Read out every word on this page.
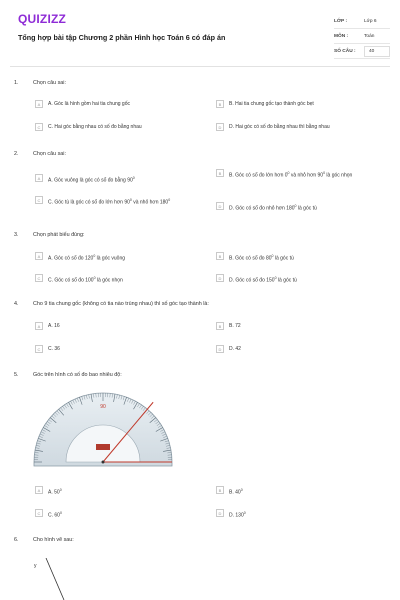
QUIZIZZ
Tổng hợp bài tập Chương 2 phần Hình học Toán 6 có đáp án
LỚP :	Lớp 6
MÔN :	Toán
SỐ CÂU :	40
1.	Chọn câu sai:
A	A. Góc là hình gồm hai tia chung gốc	B	B. Hai tia chung gốc tạo thành góc bẹt
C	C. Hai góc bằng nhau có số đo bằng nhau	D	D. Hai góc có số đo bằng nhau thì bằng nhau
2.	Chọn câu sai:
A	A. Góc vuông là góc có số đo bằng $90^0$
B	B. Góc có số đo lớn hơn $0^0$ và nhỏ hơn $90^0$ là góc nhọn
C	C. Góc tù là góc có số đo lớn hơn $90^0$ và nhỏ hơn $180^0$
D	D. Góc có số đo nhỏ hơn $180^0$ là góc tù
3.	Chọn phát biểu đúng:
A	A. Góc có số đo $120^0$ là góc vuông	B	B. Góc có số đo $80^0$ là góc tù
C	C. Góc có số đo $100^0$ là góc nhọn	D	D. Góc có số đo $150^0$ là góc tù
4.	Cho 9 tia chung gốc (không có tia nào trùng nhau) thì số góc tạo thành là:
A	A. 16	B	B. 72
C	C. 36	D	D. 42
5.	Góc trên hình có số đo bao nhiêu độ:
90
A	A. $50^0$	B	B. $40^0$
C	C. $60^0$	D	D. $130^0$
6.	Cho hình vẽ sau:
y
